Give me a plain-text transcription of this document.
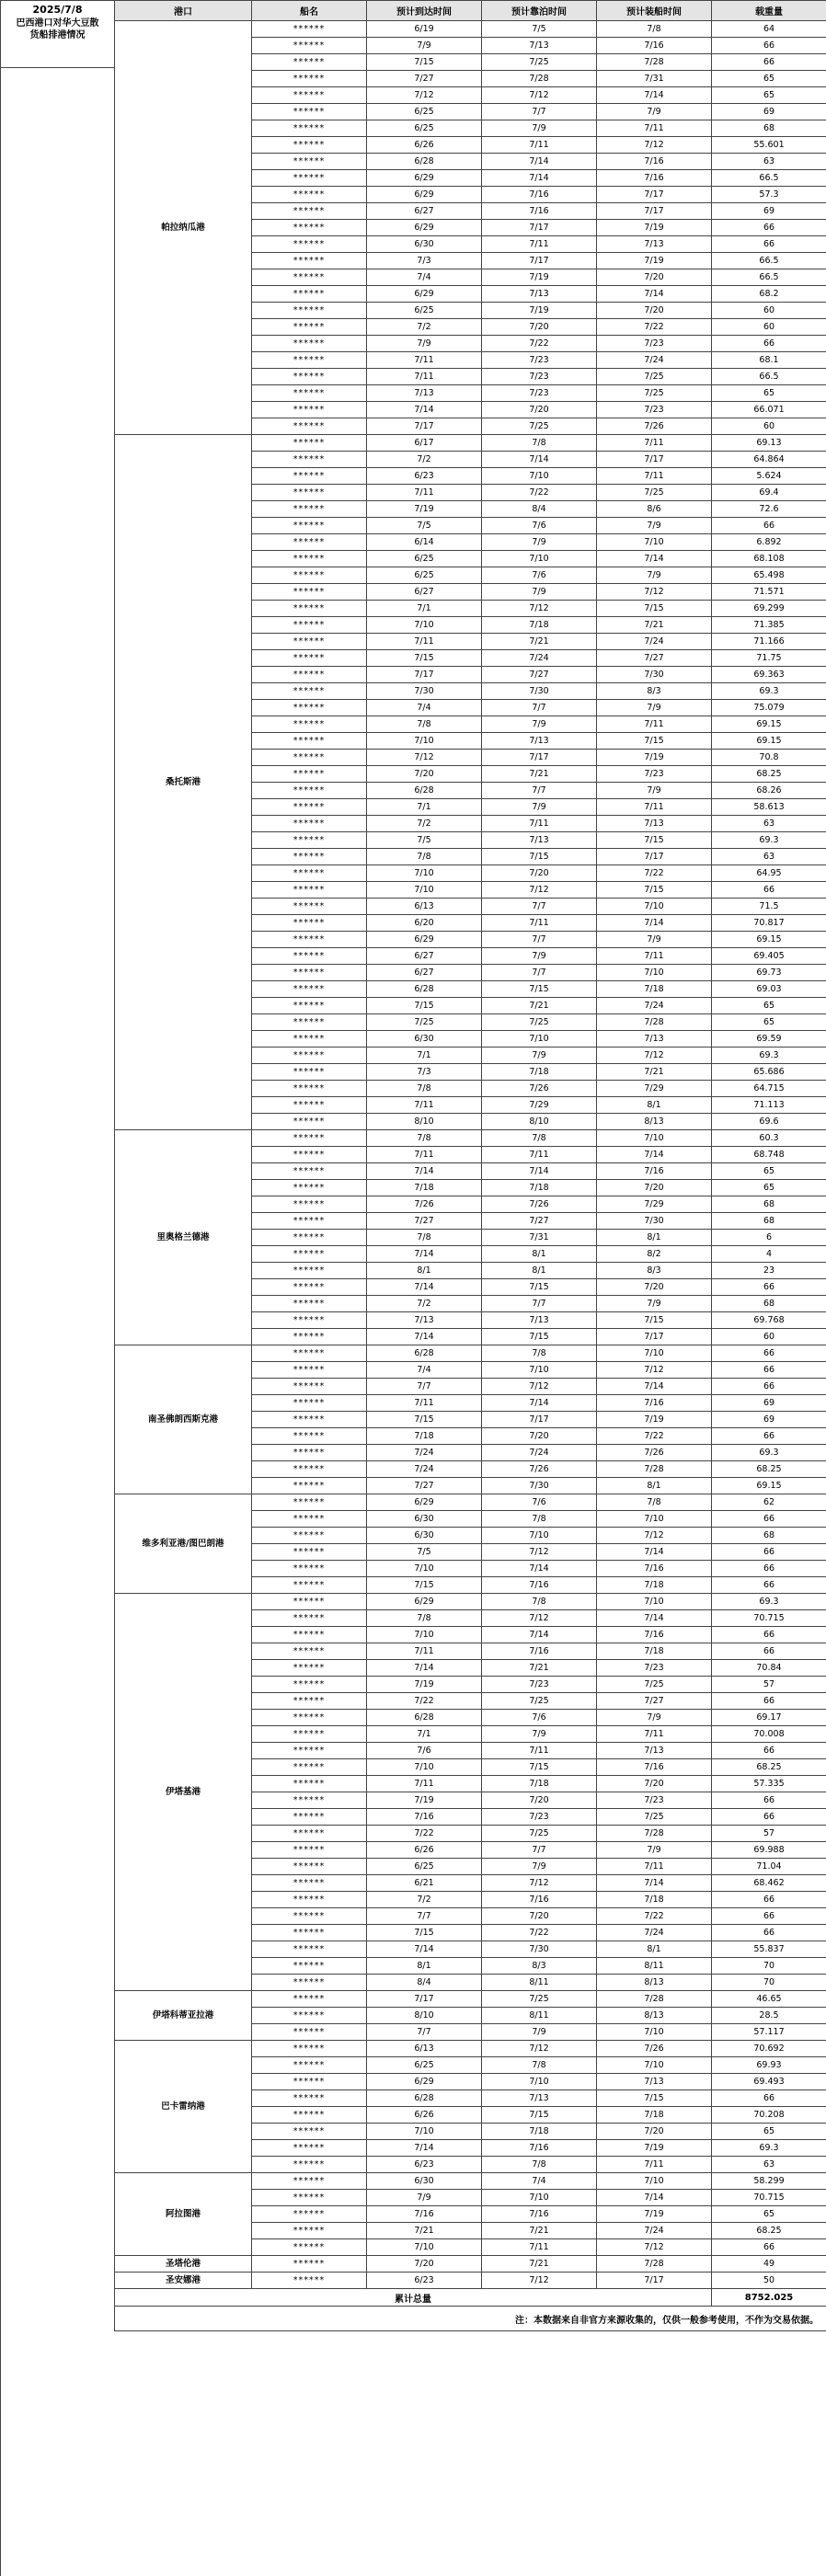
2025/7/8
巴西港口对华大豆散
货船排港情况
港口	船名	预计到达时间	预计靠泊时间	预计装船时间	载重量
帕拉纳瓜港	******	6/19	7/5	7/8	64
	******	7/9	7/13	7/16	66
	******	7/15	7/25	7/28	66
	******	7/27	7/28	7/31	65
	******	7/12	7/12	7/14	65
	******	6/25	7/7	7/9	69
	******	6/25	7/9	7/11	68
	******	6/26	7/11	7/12	55.601
	******	6/28	7/14	7/16	63
	******	6/29	7/14	7/16	66.5
	******	6/29	7/16	7/17	57.3
	******	6/27	7/16	7/17	69
	******	6/29	7/17	7/19	66
	******	6/30	7/11	7/13	66
	******	7/3	7/17	7/19	66.5
	******	7/4	7/19	7/20	66.5
	******	6/29	7/13	7/14	68.2
	******	6/25	7/19	7/20	60
	******	7/2	7/20	7/22	60
	******	7/9	7/22	7/23	66
	******	7/11	7/23	7/24	68.1
	******	7/11	7/23	7/25	66.5
	******	7/13	7/23	7/25	65
	******	7/14	7/20	7/23	66.071
	******	7/17	7/25	7/26	60
桑托斯港	******	6/17	7/8	7/11	69.13
	******	7/2	7/14	7/17	64.864
	******	6/23	7/10	7/11	5.624
	******	7/11	7/22	7/25	69.4
	******	7/19	8/4	8/6	72.6
	******	7/5	7/6	7/9	66
	******	6/14	7/9	7/10	6.892
	******	6/25	7/10	7/14	68.108
	******	6/25	7/6	7/9	65.498
	******	6/27	7/9	7/12	71.571
	******	7/1	7/12	7/15	69.299
	******	7/10	7/18	7/21	71.385
	******	7/11	7/21	7/24	71.166
	******	7/15	7/24	7/27	71.75
	******	7/17	7/27	7/30	69.363
	******	7/30	7/30	8/3	69.3
	******	7/4	7/7	7/9	75.079
	******	7/8	7/9	7/11	69.15
	******	7/10	7/13	7/15	69.15
	******	7/12	7/17	7/19	70.8
	******	7/20	7/21	7/23	68.25
	******	6/28	7/7	7/9	68.26
	******	7/1	7/9	7/11	58.613
	******	7/2	7/11	7/13	63
	******	7/5	7/13	7/15	69.3
	******	7/8	7/15	7/17	63
	******	7/10	7/20	7/22	64.95
	******	7/10	7/12	7/15	66
	******	6/13	7/7	7/10	71.5
	******	6/20	7/11	7/14	70.817
	******	6/29	7/7	7/9	69.15
	******	6/27	7/9	7/11	69.405
	******	6/27	7/7	7/10	69.73
	******	6/28	7/15	7/18	69.03
	******	7/15	7/21	7/24	65
	******	7/25	7/25	7/28	65
	******	6/30	7/10	7/13	69.59
	******	7/1	7/9	7/12	69.3
	******	7/3	7/18	7/21	65.686
	******	7/8	7/26	7/29	64.715
	******	7/11	7/29	8/1	71.113
	******	8/10	8/10	8/13	69.6
里奥格兰德港	******	7/8	7/8	7/10	60.3
	******	7/11	7/11	7/14	68.748
	******	7/14	7/14	7/16	65
	******	7/18	7/18	7/20	65
	******	7/26	7/26	7/29	68
	******	7/27	7/27	7/30	68
	******	7/8	7/31	8/1	6
	******	7/14	8/1	8/2	4
	******	8/1	8/1	8/3	23
	******	7/14	7/15	7/20	66
	******	7/2	7/7	7/9	68
	******	7/13	7/13	7/15	69.768
	******	7/14	7/15	7/17	60
南圣佛朗西斯克港	******	6/28	7/8	7/10	66
	******	7/4	7/10	7/12	66
	******	7/7	7/12	7/14	66
	******	7/11	7/14	7/16	69
	******	7/15	7/17	7/19	69
	******	7/18	7/20	7/22	66
	******	7/24	7/24	7/26	69.3
	******	7/24	7/26	7/28	68.25
	******	7/27	7/30	8/1	69.15
维多利亚港/图巴朗港	******	6/29	7/6	7/8	62
	******	6/30	7/8	7/10	66
	******	6/30	7/10	7/12	68
	******	7/5	7/12	7/14	66
	******	7/10	7/14	7/16	66
	******	7/15	7/16	7/18	66
伊塔基港	******	6/29	7/8	7/10	69.3
	******	7/8	7/12	7/14	70.715
	******	7/10	7/14	7/16	66
	******	7/11	7/16	7/18	66
	******	7/14	7/21	7/23	70.84
	******	7/19	7/23	7/25	57
	******	7/22	7/25	7/27	66
	******	6/28	7/6	7/9	69.17
	******	7/1	7/9	7/11	70.008
	******	7/6	7/11	7/13	66
	******	7/10	7/15	7/16	68.25
	******	7/11	7/18	7/20	57.335
	******	7/19	7/20	7/23	66
	******	7/16	7/23	7/25	66
	******	7/22	7/25	7/28	57
	******	6/26	7/7	7/9	69.988
	******	6/25	7/9	7/11	71.04
	******	6/21	7/12	7/14	68.462
	******	7/2	7/16	7/18	66
	******	7/7	7/20	7/22	66
	******	7/15	7/22	7/24	66
	******	7/14	7/30	8/1	55.837
	******	8/1	8/3	8/11	70
	******	8/4	8/11	8/13	70
伊塔科蒂亚拉港	******	7/17	7/25	7/28	46.65
	******	8/10	8/11	8/13	28.5
	******	7/7	7/9	7/10	57.117
巴卡雷纳港	******	6/13	7/12	7/26	70.692
	******	6/25	7/8	7/10	69.93
	******	6/29	7/10	7/13	69.493
	******	6/28	7/13	7/15	66
	******	6/26	7/15	7/18	70.208
	******	7/10	7/18	7/20	65
	******	7/14	7/16	7/19	69.3
	******	6/23	7/8	7/11	63
阿拉图港	******	6/30	7/4	7/10	58.299
	******	7/9	7/10	7/14	70.715
	******	7/16	7/16	7/19	65
	******	7/21	7/21	7/24	68.25
	******	7/10	7/11	7/12	66
圣塔伦港	******	7/20	7/21	7/28	49
圣安娜港	******	6/23	7/12	7/17	50
累计总量					8752.025
注：本数据来自非官方来源收集的，仅供一般参考使用，不作为交易依据。					
